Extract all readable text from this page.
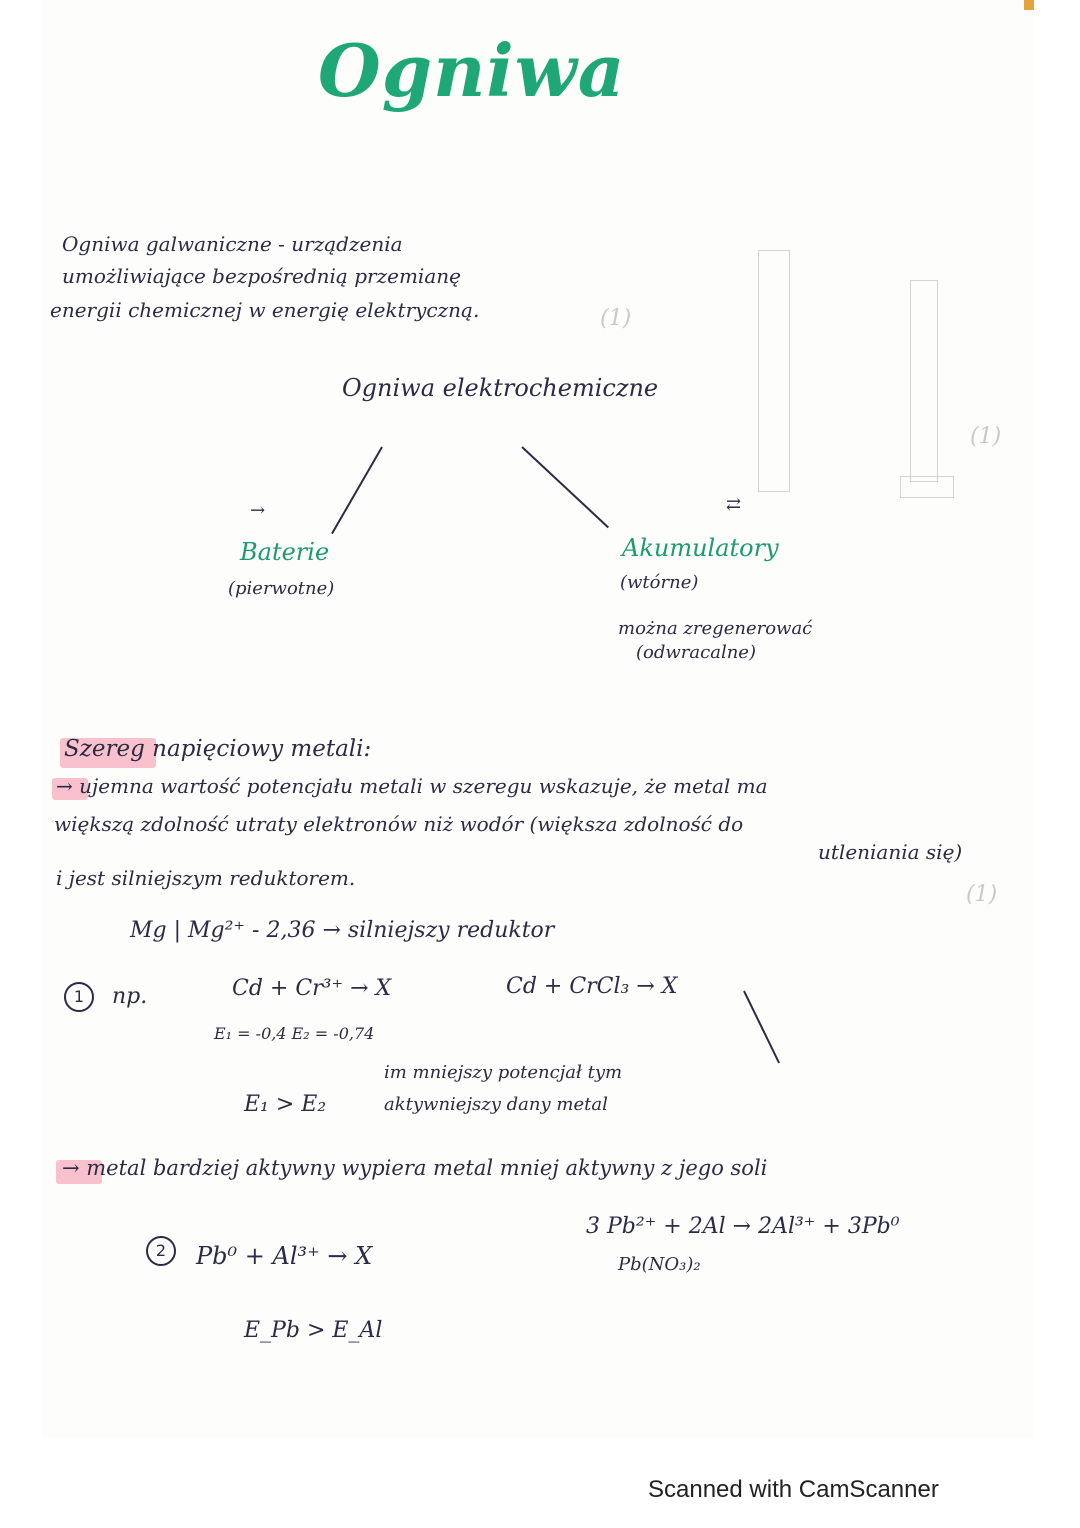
Ogniwa
Ogniwa galwaniczne - urządzenia
umożliwiające bezpośrednią przemianę
energii chemicznej w energię elektryczną.
Ogniwa elektrochemiczne
→
Baterie
(pierwotne)
⇄
Akumulatory
(wtórne)
można zregenerować
(odwracalne)
Szereg napięciowy metali:
→ ujemna wartość potencjału metali w szeregu wskazuje, że metal ma
większą zdolność utraty elektronów niż wodór (większa zdolność do
i jest silniejszym reduktorem.
utleniania się)
Mg | Mg²⁺ - 2,36 → silniejszy reduktor
1	np.	Cd + Cr³⁺ → X	Cd + CrCl₃ → X
E₁ = -0,4 E₂ = -0,74
E₁ > E₂
im mniejszy potencjał tym
aktywniejszy dany metal
→ metal bardziej aktywny wypiera metal mniej aktywny z jego soli
2	Pb⁰ + Al³⁺ → X
E_Pb > E_Al
3 Pb²⁺ + 2Al → 2Al³⁺ + 3Pb⁰
Pb(NO₃)₂
(1)
(1)
(1)
Scanned with CamScanner
